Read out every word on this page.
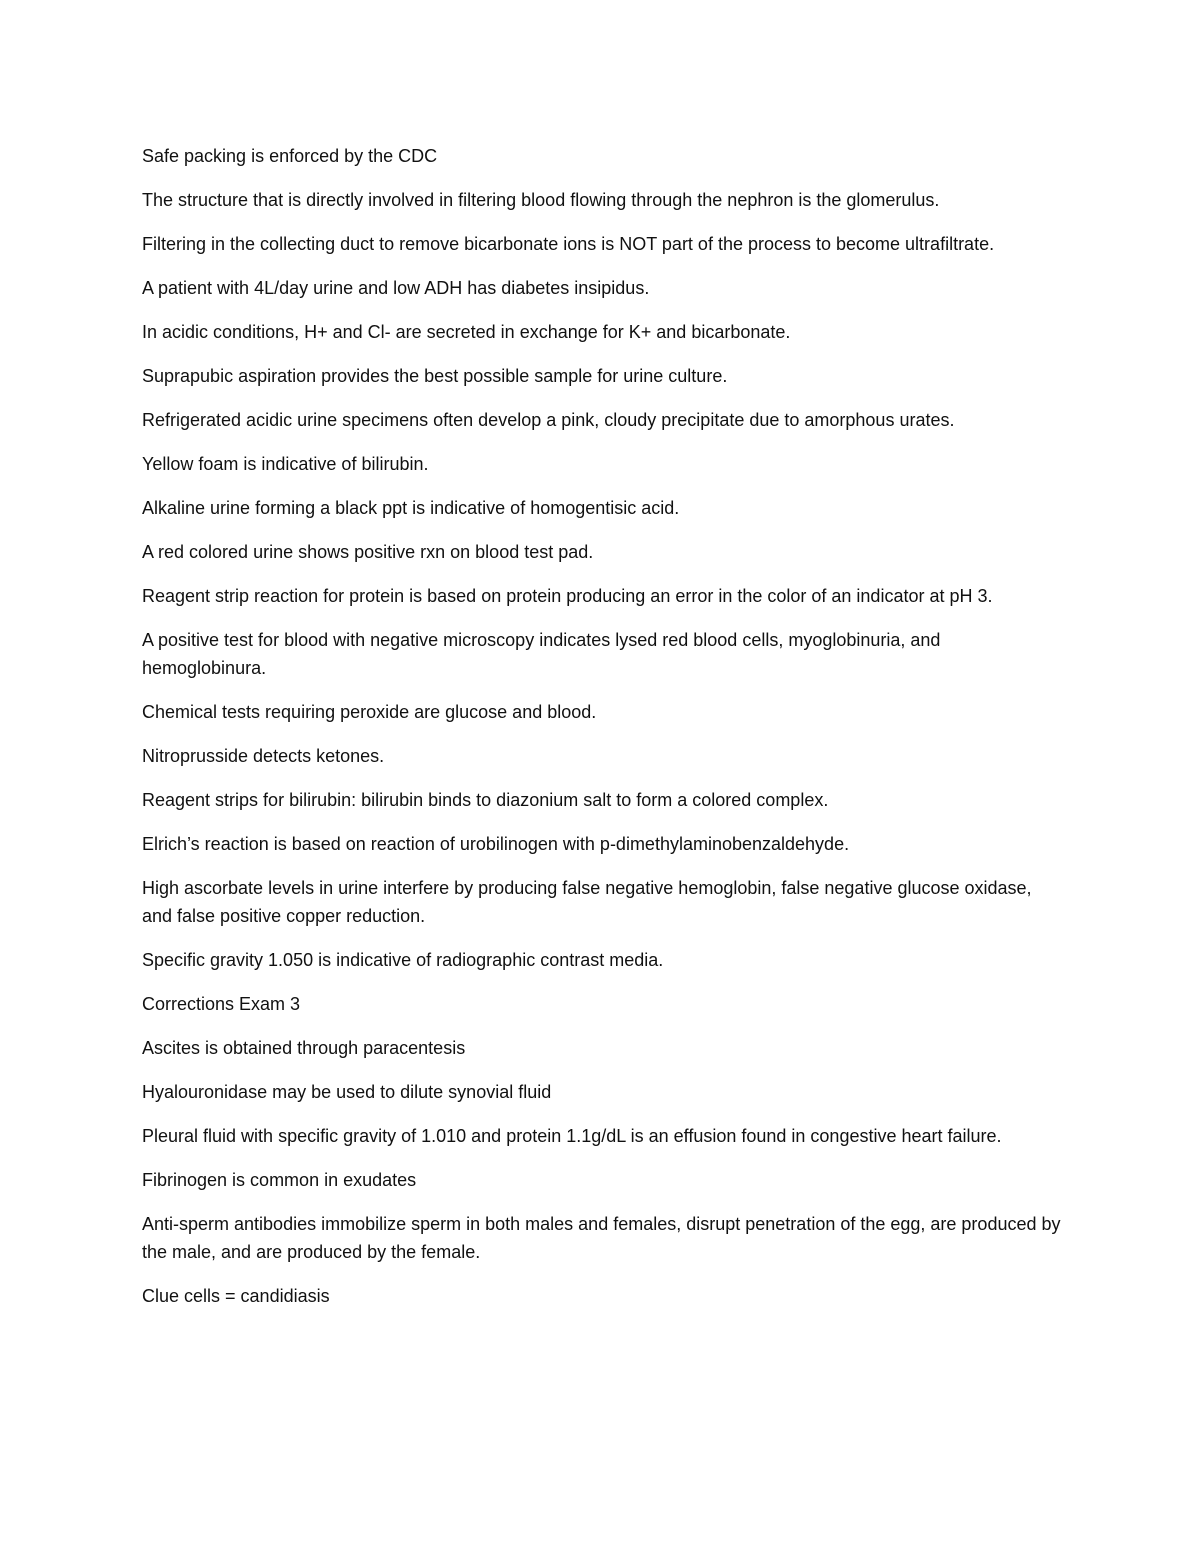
Safe packing is enforced by the CDC

The structure that is directly involved in filtering blood flowing through the nephron is the glomerulus.

Filtering in the collecting duct to remove bicarbonate ions is NOT part of the process to become ultrafiltrate.

A patient with 4L/day urine and low ADH has diabetes insipidus.

In acidic conditions, H+ and Cl- are secreted in exchange for K+ and bicarbonate.

Suprapubic aspiration provides the best possible sample for urine culture.

Refrigerated acidic urine specimens often develop a pink, cloudy precipitate due to amorphous urates.

Yellow foam is indicative of bilirubin.

Alkaline urine forming a black ppt is indicative of homogentisic acid.

A red colored urine shows positive rxn on blood test pad.

Reagent strip reaction for protein is based on protein producing an error in the color of an indicator at pH 3.

A positive test for blood with negative microscopy indicates lysed red blood cells, myoglobinuria, and hemoglobinura.

Chemical tests requiring peroxide are glucose and blood.

Nitroprusside detects ketones.

Reagent strips for bilirubin: bilirubin binds to diazonium salt to form a colored complex.

Elrich’s reaction is based on reaction of urobilinogen with p-dimethylaminobenzaldehyde.

High ascorbate levels in urine interfere by producing false negative hemoglobin, false negative glucose oxidase, and false positive copper reduction.

Specific gravity 1.050 is indicative of radiographic contrast media.

Corrections Exam 3

Ascites is obtained through paracentesis

Hyalouronidase may be used to dilute synovial fluid

Pleural fluid with specific gravity of 1.010 and protein 1.1g/dL is an effusion found in congestive heart failure.

Fibrinogen is common in exudates

Anti-sperm antibodies immobilize sperm in both males and females, disrupt penetration of the egg, are produced by the male, and are produced by the female.

Clue cells = candidiasis
